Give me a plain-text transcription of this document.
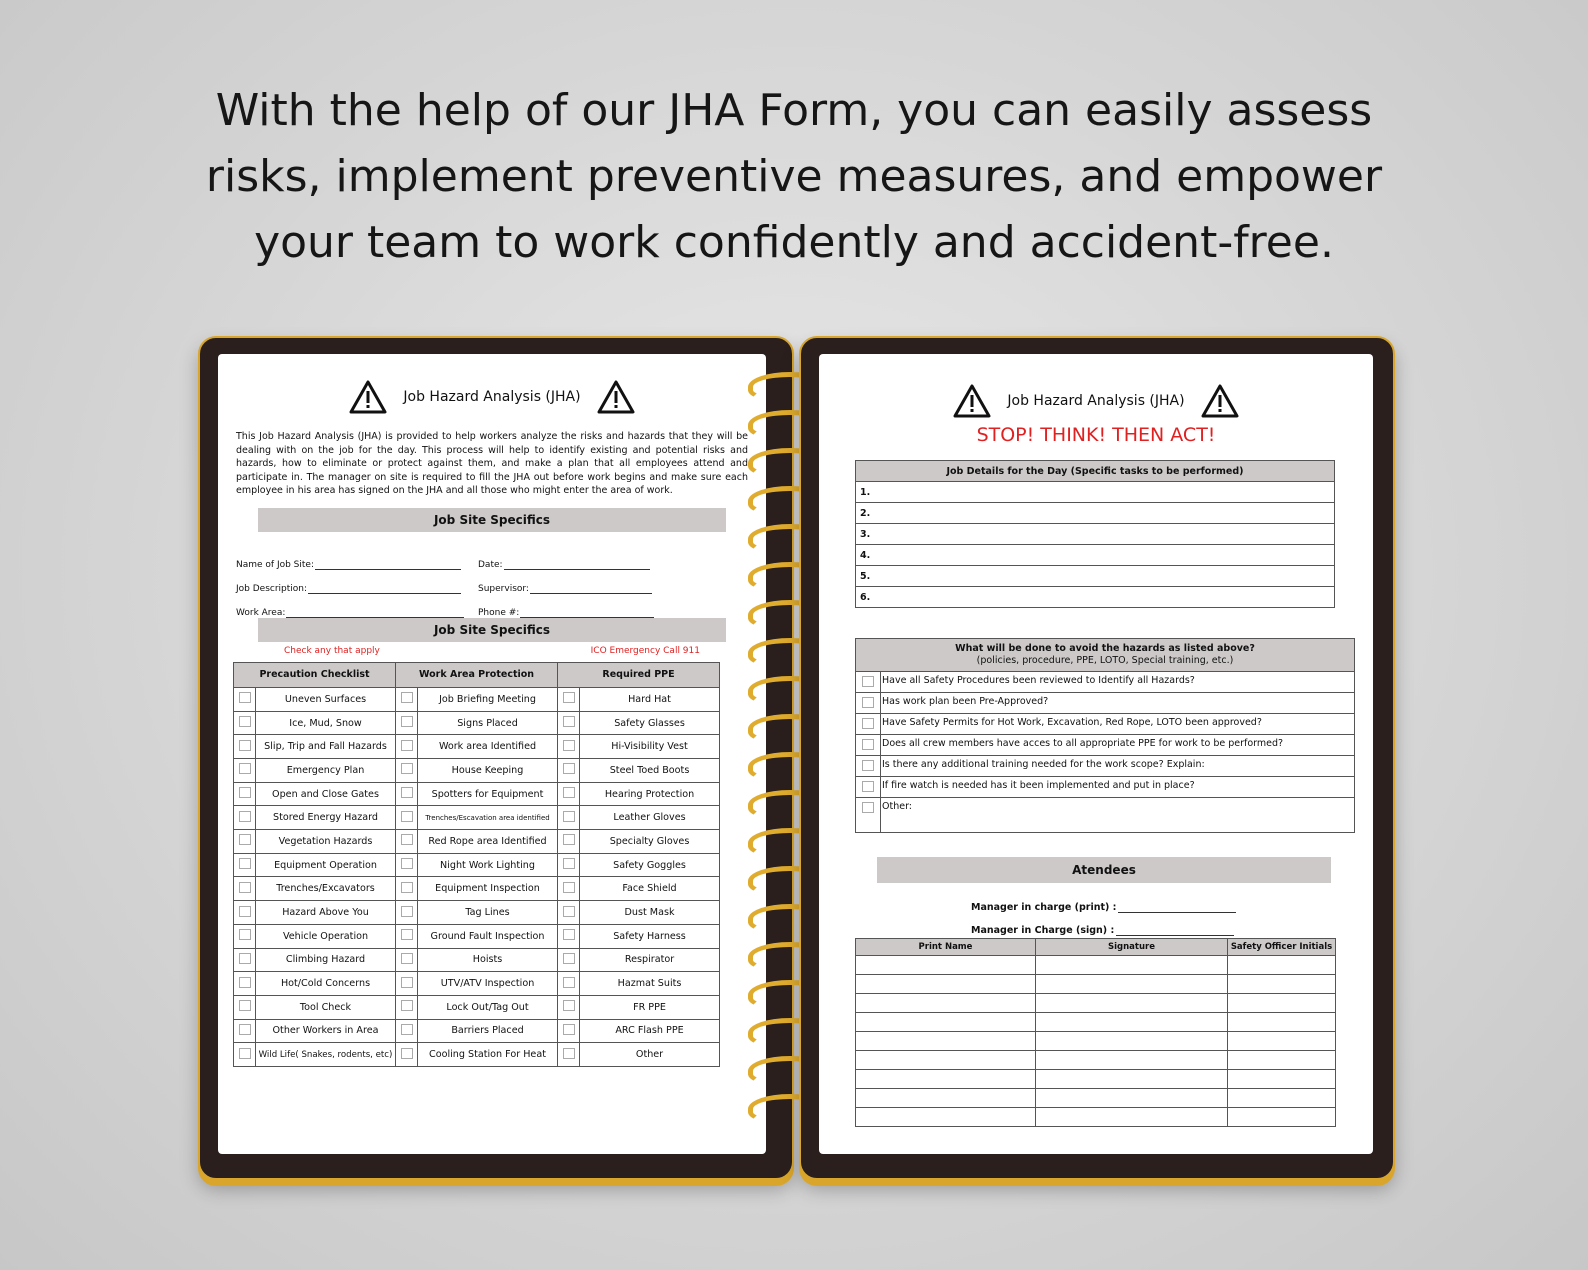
With the help of our JHA Form, you can easily assess
risks, implement preventive measures, and empower
your team to work confidently and accident-free.
Job Hazard Analysis (JHA)
This Job Hazard Analysis (JHA) is provided to help workers analyze the risks and hazards that they will be dealing with on the job for the day. This process will help to identify existing and potential risks and hazards, how to eliminate or protect against them, and make a plan that all employees attend and participate in. The manager on site is required to fill the JHA out before work begins and make sure each employee in his area has signed on the JHA and all those who might enter the area of work.
Job Site Specifics
Name of Job Site:	Date:
Job Description:	Supervisor:
Work Area:	Phone #:
Job Site Specifics
Check any that apply	ICO Emergency Call 911
Precaution Checklist		Work Area Protection		Required PPE	
	Uneven Surfaces		Job Briefing Meeting		Hard Hat
	Ice, Mud, Snow		Signs Placed		Safety Glasses
	Slip, Trip and Fall Hazards		Work area Identified		Hi-Visibility Vest
	Emergency Plan		House Keeping		Steel Toed Boots
	Open and Close Gates		Spotters for Equipment		Hearing Protection
	Stored Energy Hazard		Trenches/Escavation area identified		Leather Gloves
	Vegetation Hazards		Red Rope area Identified		Specialty Gloves
	Equipment Operation		Night Work Lighting		Safety Goggles
	Trenches/Excavators		Equipment Inspection		Face Shield
	Hazard Above You		Tag Lines		Dust Mask
	Vehicle Operation		Ground Fault Inspection		Safety Harness
	Climbing Hazard		Hoists		Respirator
	Hot/Cold Concerns		UTV/ATV Inspection		Hazmat Suits
	Tool Check		Lock Out/Tag Out		FR PPE
	Other Workers in Area		Barriers Placed		ARC Flash PPE
	Wild Life( Snakes, rodents, etc)		Cooling Station For Heat		Other
Job Hazard Analysis (JHA)
STOP! THINK! THEN ACT!
Job Details for the Day (Specific tasks to be performed)
1.
2.
3.
4.
5.
6.
What will be done to avoid the hazards as listed above?
(policies, procedure, PPE, LOTO, Special training, etc.)	

	Have all Safety Procedures been reviewed to Identify all Hazards?
	Has work plan been Pre-Approved?
	Have Safety Permits for Hot Work, Excavation, Red Rope, LOTO been approved?
	Does all crew members have acces to all appropriate PPE for work to be performed?
	Is there any additional training needed for the work scope? Explain:
	If fire watch is needed has it been implemented and put in place?
	Other:
Atendees
Manager in charge (print) :
Manager in Charge (sign) :
Print Name	Signature	Safety Officer Initials
